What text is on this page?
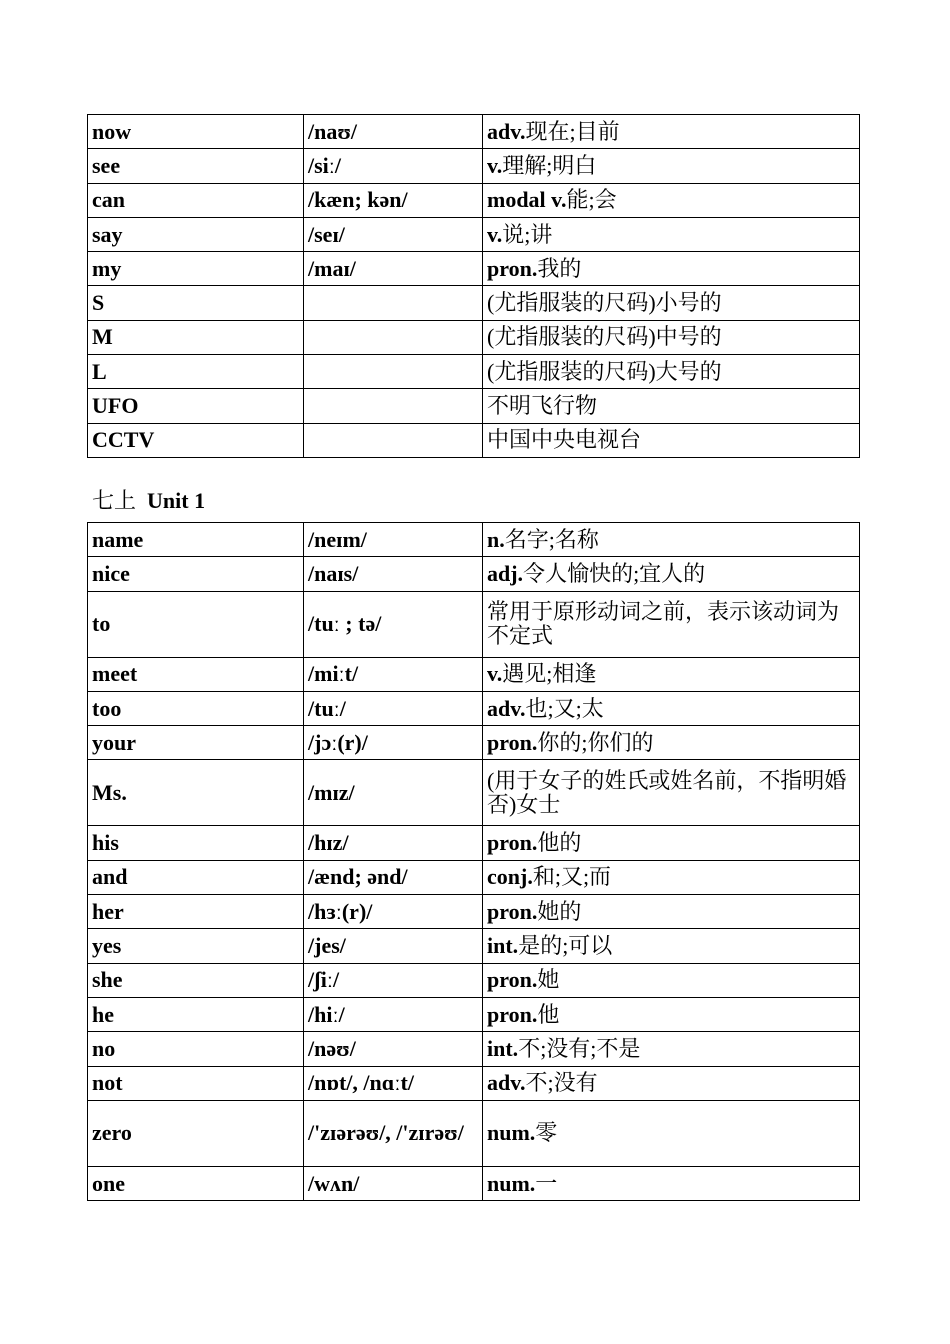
now	/naʊ/	adv.现在;目前
see	/siː/	v.理解;明白
can	/kæn; kən/	modal v.能;会
say	/seɪ/	v.说;讲
my	/maɪ/	pron.我的
S		(尤指服装的尺码)小号的
M		(尤指服装的尺码)中号的
L		(尤指服装的尺码)大号的
UFO		不明飞行物
CCTV		中国中央电视台
七上 Unit 1
name	/neɪm/	n.名字;名称
nice	/naɪs/	adj.令人愉快的;宜人的
to	/tuː ; tə/	常用于原形动词之前，表示该动词为不定式
meet	/miːt/	v.遇见;相逢
too	/tuː/	adv.也;又;太
your	/jɔː(r)/	pron.你的;你们的
Ms.	/mɪz/	(用于女子的姓氏或姓名前，不指明婚否)女士
his	/hɪz/	pron.他的
and	/ænd; ənd/	conj.和;又;而
her	/hɜː(r)/	pron.她的
yes	/jes/	int.是的;可以
she	/ʃiː/	pron.她
he	/hiː/	pron.他
no	/nəʊ/	int.不;没有;不是
not	/nɒt/, /nɑːt/	adv.不;没有
zero	/'zɪərəʊ/, /'zɪrəʊ/	num.零
one	/wʌn/	num.一
